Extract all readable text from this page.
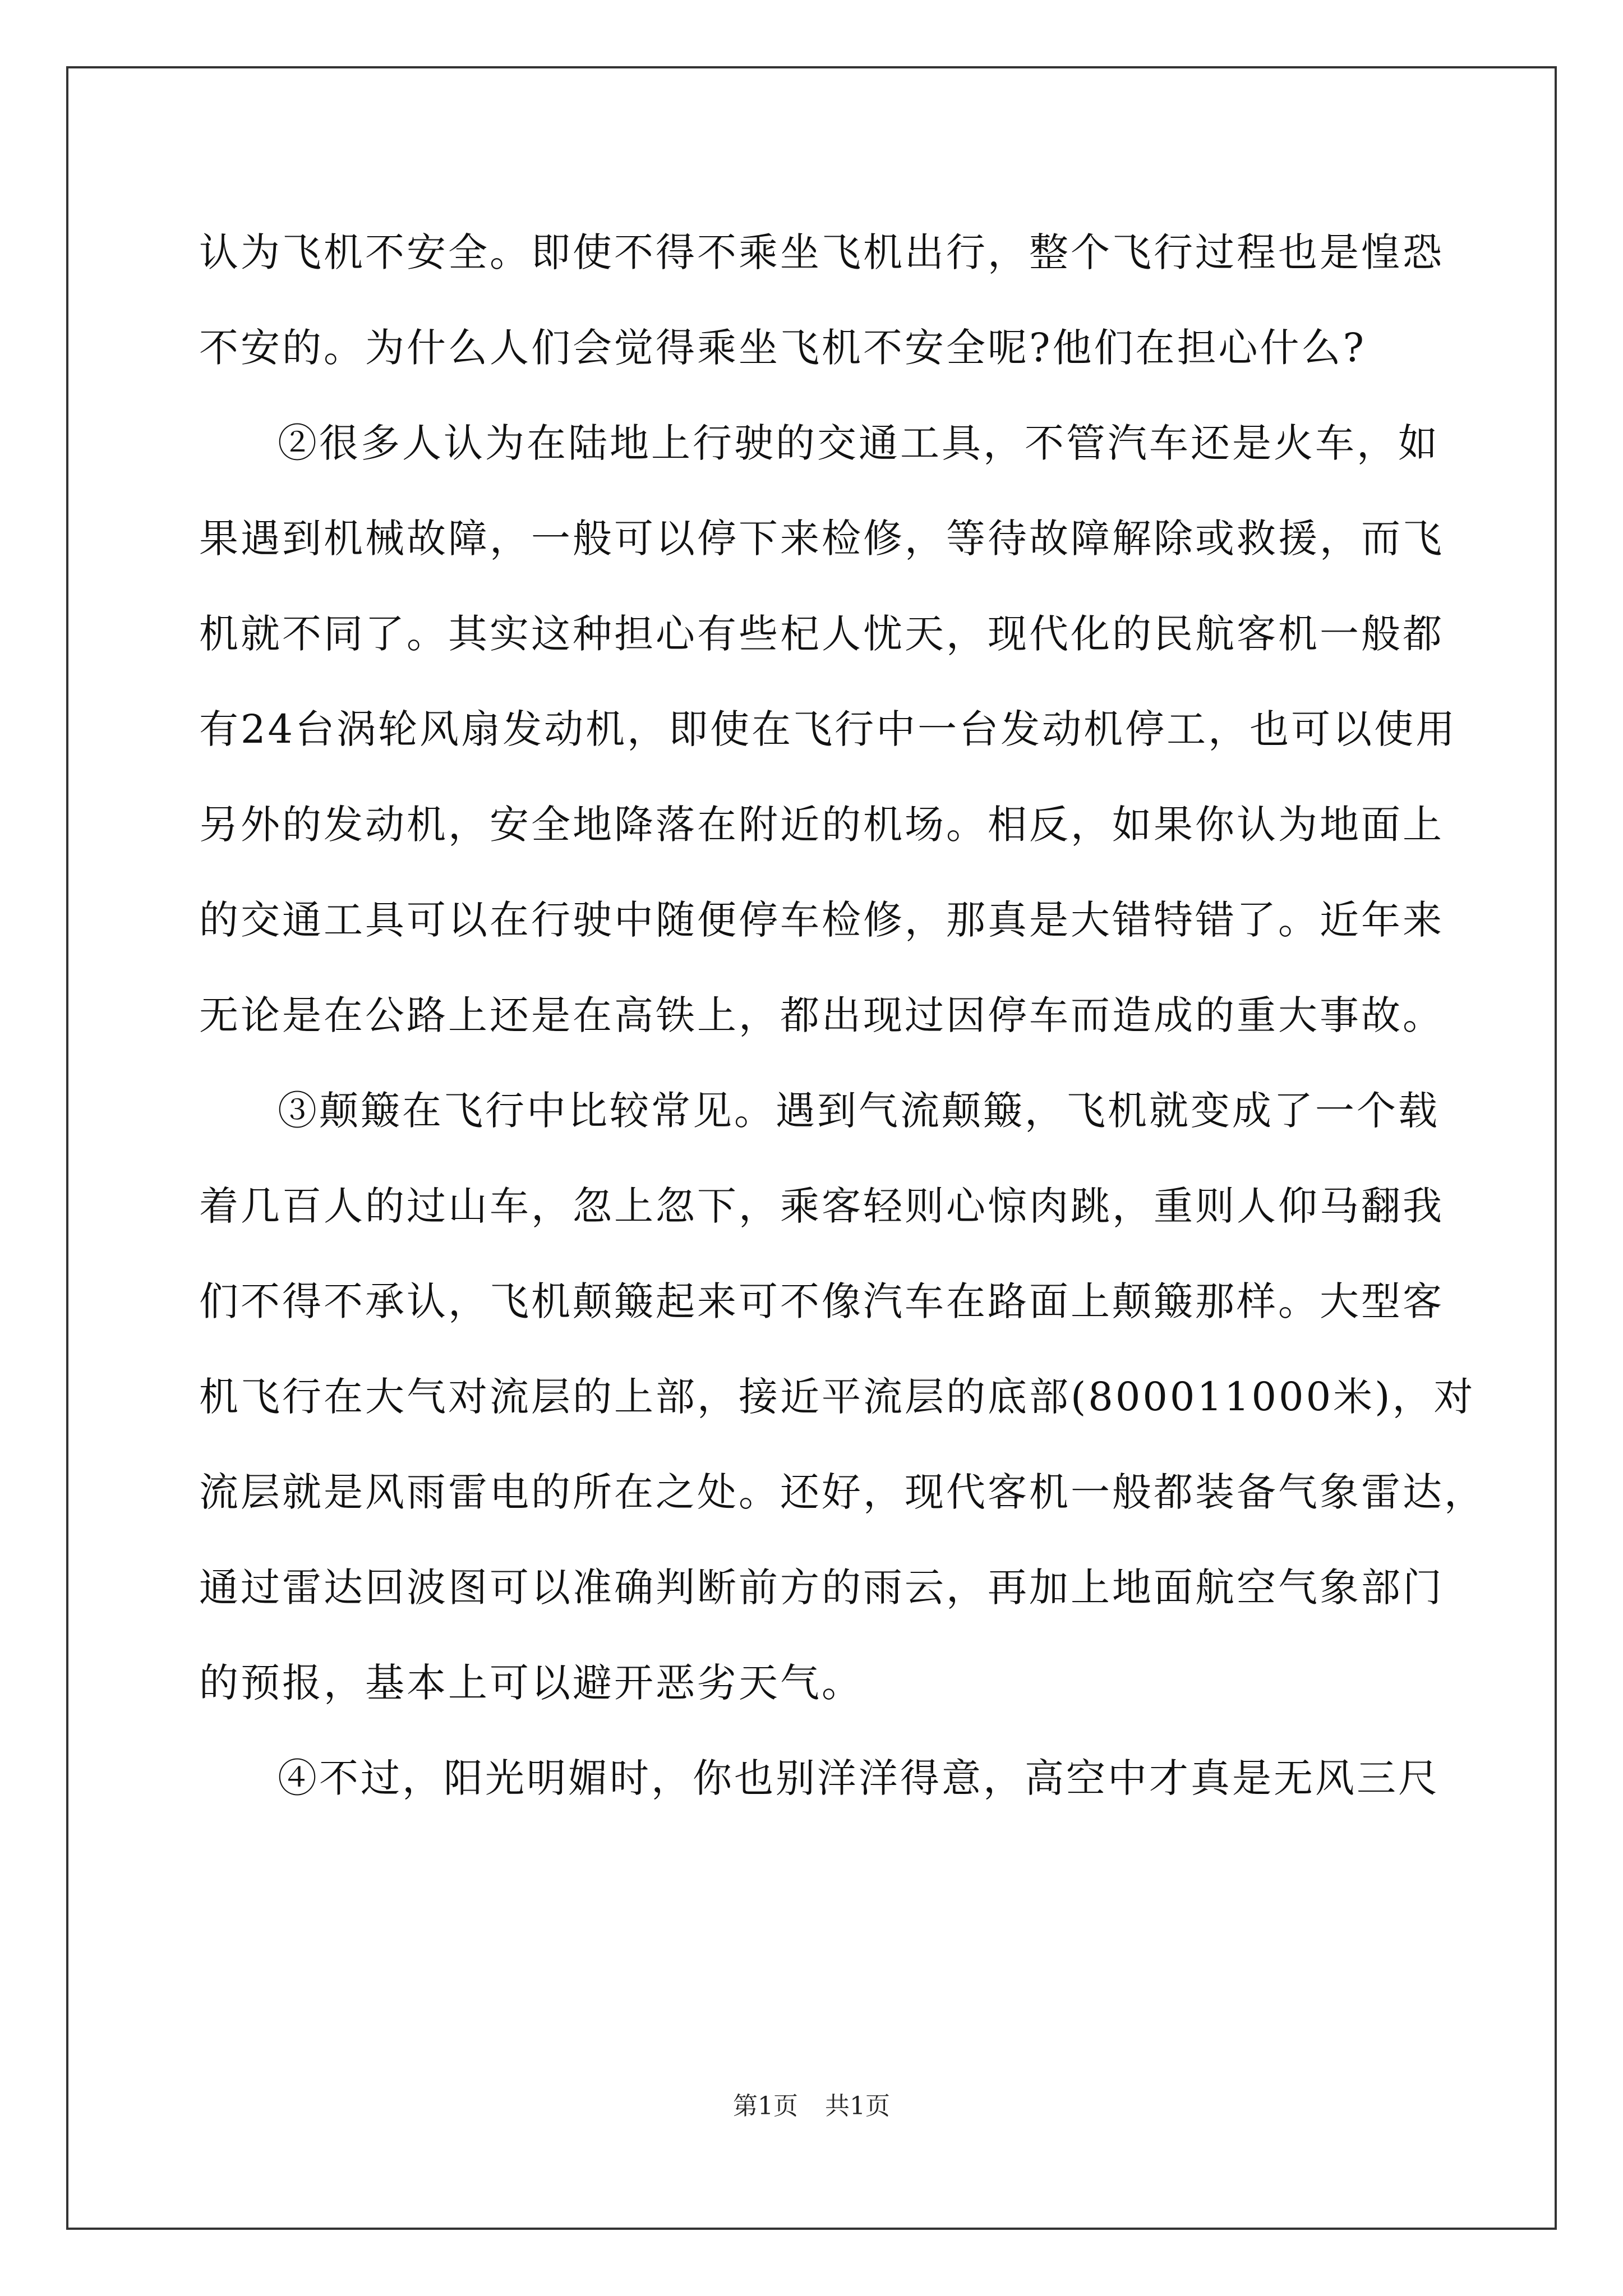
认为飞机不安全。即使不得不乘坐飞机出行，整个飞行过程也是惶恐
不安的。为什么人们会觉得乘坐飞机不安全呢?他们在担心什么?
②很多人认为在陆地上行驶的交通工具，不管汽车还是火车，如
果遇到机械故障，一般可以停下来检修，等待故障解除或救援，而飞
机就不同了。其实这种担心有些杞人忧天，现代化的民航客机一般都
有24台涡轮风扇发动机，即使在飞行中一台发动机停工，也可以使用
另外的发动机，安全地降落在附近的机场。相反，如果你认为地面上
的交通工具可以在行驶中随便停车检修，那真是大错特错了。近年来
无论是在公路上还是在高铁上，都出现过因停车而造成的重大事故。
③颠簸在飞行中比较常见。遇到气流颠簸，飞机就变成了一个载
着几百人的过山车，忽上忽下，乘客轻则心惊肉跳，重则人仰马翻我
们不得不承认，飞机颠簸起来可不像汽车在路面上颠簸那样。大型客
机飞行在大气对流层的上部，接近平流层的底部(800011000米)，对
流层就是风雨雷电的所在之处。还好，现代客机一般都装备气象雷达，
通过雷达回波图可以准确判断前方的雨云，再加上地面航空气象部门
的预报，基本上可以避开恶劣天气。
④不过，阳光明媚时，你也别洋洋得意，高空中才真是无风三尺
第1页 共1页
